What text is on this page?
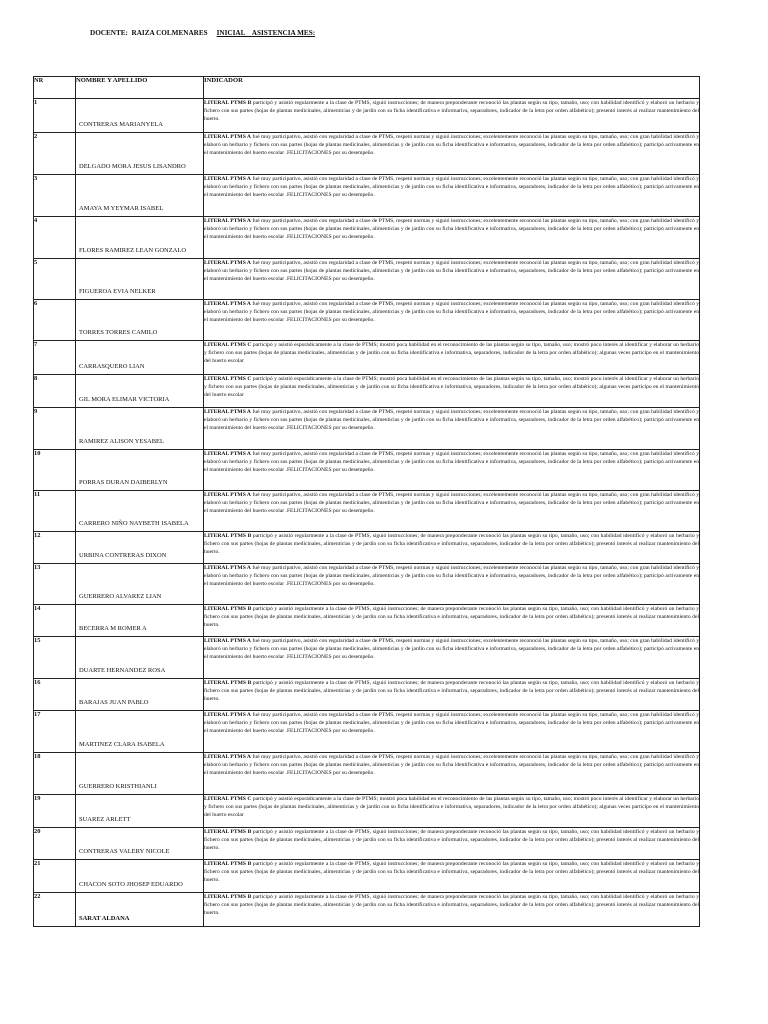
DOCENTE: RAIZA COLMENARES INICIAL ASISTENCIA MES:
NR	NOMBRE Y APELLIDO	INDICADOR
1	CONTRERAS MARIANYELA	LITERAL PTMS B participó y asistió regularmente a la clase de PTMS, siguió instrucciones; de manera preponderante reconoció las plantas según su tipo, tamaño, uso; con habilidad identificó y elaboró un herbario y fichero con sus partes (hojas de plantas medicinales, alimenticias y de jardín con su ficha identificativa e informativa, separadores, indicador de la letra por orden alfabético); presentó interés al realizar mantenimiento del huerto.
2	DELGADO MORA JESUS LISANDRO	LITERAL PTMS A fué muy participativo, asistió con regularidad a clase de PTMS, respetó normas y siguió instrucciones; excelentemente reconoció las plantas según su tipo, tamaño, uso; con gran habilidad identificó y elaboró un herbario y fichero con sus partes (hojas de plantas medicinales, alimenticias y de jardín con su ficha identificativa e informativa, separadores, indicador de la letra por orden alfabético); participó activamente en el mantenimiento del huerto escolar .FELICITACIONES por su desempeño.
3	AMAYA M YEYMAR ISABEL	LITERAL PTMS A fué muy participativo, asistió con regularidad a clase de PTMS, respetó normas y siguió instrucciones; excelentemente reconoció las plantas según su tipo, tamaño, uso; con gran habilidad identificó y elaboró un herbario y fichero con sus partes (hojas de plantas medicinales, alimenticias y de jardín con su ficha identificativa e informativa, separadores, indicador de la letra por orden alfabético); participó activamente en el mantenimiento del huerto escolar .FELICITACIONES por su desempeño.
4	FLORES RAMIREZ LEAN GONZALO	LITERAL PTMS A fué muy participativo, asistió con regularidad a clase de PTMS, respetó normas y siguió instrucciones; excelentemente reconoció las plantas según su tipo, tamaño, uso; con gran habilidad identificó y elaboró un herbario y fichero con sus partes (hojas de plantas medicinales, alimenticias y de jardín con su ficha identificativa e informativa, separadores, indicador de la letra por orden alfabético); participó activamente en el mantenimiento del huerto escolar .FELICITACIONES por su desempeño.
5	FIGUEROA EVIA NELKER	LITERAL PTMS A fué muy participativo, asistió con regularidad a clase de PTMS, respetó normas y siguió instrucciones; excelentemente reconoció las plantas según su tipo, tamaño, uso; con gran habilidad identificó y elaboró un herbario y fichero con sus partes (hojas de plantas medicinales, alimenticias y de jardín con su ficha identificativa e informativa, separadores, indicador de la letra por orden alfabético); participó activamente en el mantenimiento del huerto escolar .FELICITACIONES por su desempeño.
6	TORRES TORRES CAMILO	LITERAL PTMS A fué muy participativo, asistió con regularidad a clase de PTMS, respetó normas y siguió instrucciones; excelentemente reconoció las plantas según su tipo, tamaño, uso; con gran habilidad identificó y elaboró un herbario y fichero con sus partes (hojas de plantas medicinales, alimenticias y de jardín con su ficha identificativa e informativa, separadores, indicador de la letra por orden alfabético); participó activamente en el mantenimiento del huerto escolar .FELICITACIONES por su desempeño.
7	CARRASQUERO LIAN	LITERAL PTMS C participó y asistió esporádicamente a la clase de PTMS; mostró poca habilidad en el reconocimiento de las plantas según su tipo, tamaño, uso; mostró poco interés al identificar y elaborar un herbario y fichero con sus partes (hojas de plantas medicinales, alimenticias y de jardín con su ficha identificativa e informativa, separadores, indicador de la letra por orden alfabético); algunas veces participo en el mantenimiento del huerto escolar
8	GIL MORA ELIMAR VICTORIA	LITERAL PTMS C participó y asistió esporádicamente a la clase de PTMS; mostró poca habilidad en el reconocimiento de las plantas según su tipo, tamaño, uso; mostró poco interés al identificar y elaborar un herbario y fichero con sus partes (hojas de plantas medicinales, alimenticias y de jardín con su ficha identificativa e informativa, separadores, indicador de la letra por orden alfabético); algunas veces participo en el mantenimiento del huerto escolar
9	RAMIREZ ALISON YESABEL	LITERAL PTMS A fué muy participativo, asistió con regularidad a clase de PTMS, respetó normas y siguió instrucciones; excelentemente reconoció las plantas según su tipo, tamaño, uso; con gran habilidad identificó y elaboró un herbario y fichero con sus partes (hojas de plantas medicinales, alimenticias y de jardín con su ficha identificativa e informativa, separadores, indicador de la letra por orden alfabético); participó activamente en el mantenimiento del huerto escolar .FELICITACIONES por su desempeño.
10	PORRAS DURAN DAIBERLYN	LITERAL PTMS A fué muy participativo, asistió con regularidad a clase de PTMS, respetó normas y siguió instrucciones; excelentemente reconoció las plantas según su tipo, tamaño, uso; con gran habilidad identificó y elaboró un herbario y fichero con sus partes (hojas de plantas medicinales, alimenticias y de jardín con su ficha identificativa e informativa, separadores, indicador de la letra por orden alfabético); participó activamente en el mantenimiento del huerto escolar .FELICITACIONES por su desempeño.
11	CARRERO NIÑO NAYBETH ISABELA	LITERAL PTMS A fué muy participativo, asistió con regularidad a clase de PTMS, respetó normas y siguió instrucciones; excelentemente reconoció las plantas según su tipo, tamaño, uso; con gran habilidad identificó y elaboró un herbario y fichero con sus partes (hojas de plantas medicinales, alimenticias y de jardín con su ficha identificativa e informativa, separadores, indicador de la letra por orden alfabético); participó activamente en el mantenimiento del huerto escolar .FELICITACIONES por su desempeño.
12	URBINA CONTRERAS DIXON	LITERAL PTMS B participó y asistió regularmente a la clase de PTMS, siguió instrucciones; de manera preponderante reconoció las plantas según su tipo, tamaño, uso; con habilidad identificó y elaboró un herbario y fichero con sus partes (hojas de plantas medicinales, alimenticias y de jardín con su ficha identificativa e informativa, separadores, indicador de la letra por orden alfabético); presentó interés al realizar mantenimiento del huerto.
13	GUERRERO ALVAREZ LIAN	LITERAL PTMS A fué muy participativo, asistió con regularidad a clase de PTMS, respetó normas y siguió instrucciones; excelentemente reconoció las plantas según su tipo, tamaño, uso; con gran habilidad identificó y elaboró un herbario y fichero con sus partes (hojas de plantas medicinales, alimenticias y de jardín con su ficha identificativa e informativa, separadores, indicador de la letra por orden alfabético); participó activamente en el mantenimiento del huerto escolar .FELICITACIONES por su desempeño.
14	BECERRA M ROMER A	LITERAL PTMS B participó y asistió regularmente a la clase de PTMS, siguió instrucciones; de manera preponderante reconoció las plantas según su tipo, tamaño, uso; con habilidad identificó y elaboró un herbario y fichero con sus partes (hojas de plantas medicinales, alimenticias y de jardín con su ficha identificativa e informativa, separadores, indicador de la letra por orden alfabético); presentó interés al realizar mantenimiento del huerto.
15	DUARTE HERNANDEZ ROSA	LITERAL PTMS A fué muy participativo, asistió con regularidad a clase de PTMS, respetó normas y siguió instrucciones; excelentemente reconoció las plantas según su tipo, tamaño, uso; con gran habilidad identificó y elaboró un herbario y fichero con sus partes (hojas de plantas medicinales, alimenticias y de jardín con su ficha identificativa e informativa, separadores, indicador de la letra por orden alfabético); participó activamente en el mantenimiento del huerto escolar .FELICITACIONES por su desempeño.
16	BARAJAS JUAN PABLO	LITERAL PTMS B participó y asistió regularmente a la clase de PTMS, siguió instrucciones; de manera preponderante reconoció las plantas según su tipo, tamaño, uso; con habilidad identificó y elaboró un herbario y fichero con sus partes (hojas de plantas medicinales, alimenticias y de jardín con su ficha identificativa e informativa, separadores, indicador de la letra por orden alfabético); presentó interés al realizar mantenimiento del huerto.
17	MARTINEZ CLARA ISABELA	LITERAL PTMS A fué muy participativo, asistió con regularidad a clase de PTMS, respetó normas y siguió instrucciones; excelentemente reconoció las plantas según su tipo, tamaño, uso; con gran habilidad identificó y elaboró un herbario y fichero con sus partes (hojas de plantas medicinales, alimenticias y de jardín con su ficha identificativa e informativa, separadores, indicador de la letra por orden alfabético); participó activamente en el mantenimiento del huerto escolar .FELICITACIONES por su desempeño.
18	GUERRERO KRISTHIANLI	LITERAL PTMS A fué muy participativo, asistió con regularidad a clase de PTMS, respetó normas y siguió instrucciones; excelentemente reconoció las plantas según su tipo, tamaño, uso; con gran habilidad identificó y elaboró un herbario y fichero con sus partes (hojas de plantas medicinales, alimenticias y de jardín con su ficha identificativa e informativa, separadores, indicador de la letra por orden alfabético); participó activamente en el mantenimiento del huerto escolar .FELICITACIONES por su desempeño.
19	SUAREZ ARLETT	LITERAL PTMS C participó y asistió esporádicamente a la clase de PTMS; mostró poca habilidad en el reconocimiento de las plantas según su tipo, tamaño, uso; mostró poco interés al identificar y elaborar un herbario y fichero con sus partes (hojas de plantas medicinales, alimenticias y de jardín con su ficha identificativa e informativa, separadores, indicador de la letra por orden alfabético); algunas veces participo en el mantenimiento del huerto escolar
20	CONTRERAS VALERY NICOLE	LITERAL PTMS B participó y asistió regularmente a la clase de PTMS, siguió instrucciones; de manera preponderante reconoció las plantas según su tipo, tamaño, uso; con habilidad identificó y elaboró un herbario y fichero con sus partes (hojas de plantas medicinales, alimenticias y de jardín con su ficha identificativa e informativa, separadores, indicador de la letra por orden alfabético); presentó interés al realizar mantenimiento del huerto.
21	CHACON SOTO JHOSEP EDUARDO	LITERAL PTMS B participó y asistió regularmente a la clase de PTMS, siguió instrucciones; de manera preponderante reconoció las plantas según su tipo, tamaño, uso; con habilidad identificó y elaboró un herbario y fichero con sus partes (hojas de plantas medicinales, alimenticias y de jardín con su ficha identificativa e informativa, separadores, indicador de la letra por orden alfabético); presentó interés al realizar mantenimiento del huerto.
22	SARAT ALDANA	LITERAL PTMS B participó y asistió regularmente a la clase de PTMS, siguió instrucciones; de manera preponderante reconoció las plantas según su tipo, tamaño, uso; con habilidad identificó y elaboró un herbario y fichero con sus partes (hojas de plantas medicinales, alimenticias y de jardín con su ficha identificativa e informativa, separadores, indicador de la letra por orden alfabético); presentó interés al realizar mantenimiento del huerto.
